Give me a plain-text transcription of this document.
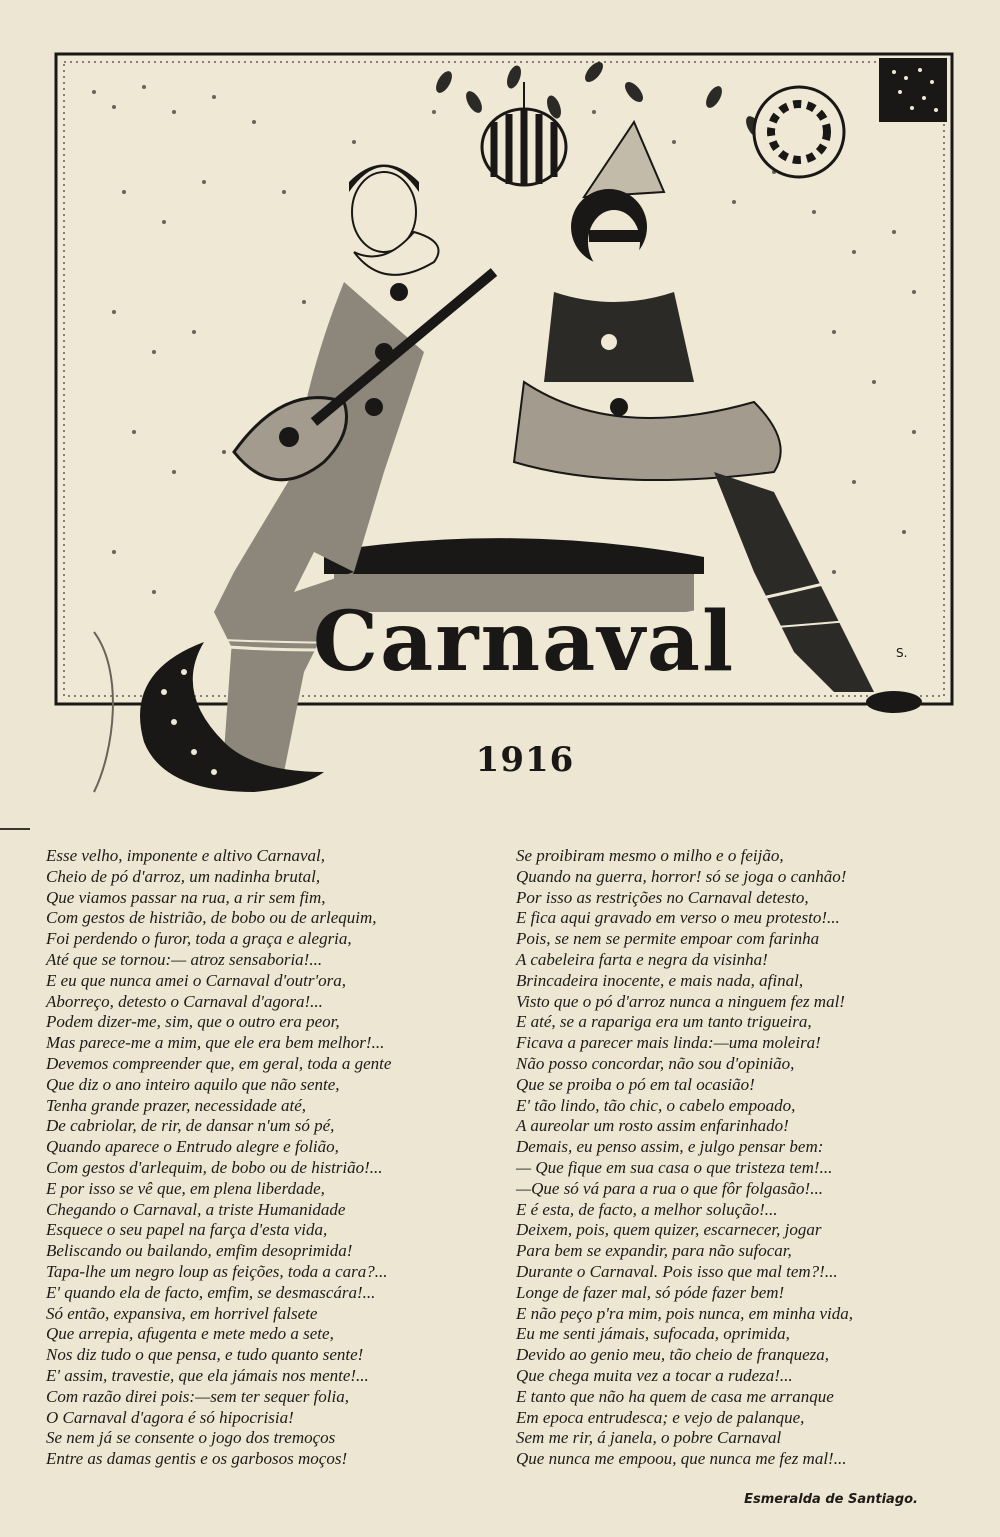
Carnaval	S.
1916
Esse velho, imponente e altivo Carnaval,
Cheio de pó d'arroz, um nadinha brutal,
Que viamos passar na rua, a rir sem fim,
Com gestos de histrião, de bobo ou de arlequim,
Foi perdendo o furor, toda a graça e alegria,
Até que se tornou:— atroz sensaboria!...
E eu que nunca amei o Carnaval d'outr'ora,
Aborreço, detesto o Carnaval d'agora!...
Podem dizer-me, sim, que o outro era peor,
Mas parece-me a mim, que ele era bem melhor!...
Devemos compreender que, em geral, toda a gente
Que diz o ano inteiro aquilo que não sente,
Tenha grande prazer, necessidade até,
De cabriolar, de rir, de dansar n'um só pé,
Quando aparece o Entrudo alegre e folião,
Com gestos d'arlequim, de bobo ou de histrião!...
E por isso se vê que, em plena liberdade,
Chegando o Carnaval, a triste Humanidade
Esquece o seu papel na farça d'esta vida,
Beliscando ou bailando, emfim desoprimida!
Tapa-lhe um negro loup as feições, toda a cara?...
E' quando ela de facto, emfim, se desmascára!...
Só então, expansiva, em horrivel falsete
Que arrepia, afugenta e mete medo a sete,
Nos diz tudo o que pensa, e tudo quanto sente!
E' assim, travestie, que ela jámais nos mente!...
Com razão direi pois:—sem ter sequer folia,
O Carnaval d'agora é só hipocrisia!
Se nem já se consente o jogo dos tremoços
Entre as damas gentis e os garbosos moços!
Se proibiram mesmo o milho e o feijão,
Quando na guerra, horror! só se joga o canhão!
Por isso as restrições no Carnaval detesto,
E fica aqui gravado em verso o meu protesto!...
Pois, se nem se permite empoar com farinha
A cabeleira farta e negra da visinha!
Brincadeira inocente, e mais nada, afinal,
Visto que o pó d'arroz nunca a ninguem fez mal!
E até, se a rapariga era um tanto trigueira,
Ficava a parecer mais linda:—uma moleira!
Não posso concordar, não sou d'opinião,
Que se proiba o pó em tal ocasião!
E' tão lindo, tão chic, o cabelo empoado,
A aureolar um rosto assim enfarinhado!
Demais, eu penso assim, e julgo pensar bem:
— Que fique em sua casa o que tristeza tem!...
—Que só vá para a rua o que fôr folgasão!...
E é esta, de facto, a melhor solução!...
Deixem, pois, quem quizer, escarnecer, jogar
Para bem se expandir, para não sufocar,
Durante o Carnaval. Pois isso que mal tem?!...
Longe de fazer mal, só póde fazer bem!
E não peço p'ra mim, pois nunca, em minha vida,
Eu me senti jámais, sufocada, oprimida,
Devido ao genio meu, tão cheio de franqueza,
Que chega muita vez a tocar a rudeza!...
E tanto que não ha quem de casa me arranque
Em epoca entrudesca; e vejo de palanque,
Sem me rir, á janela, o pobre Carnaval
Que nunca me empoou, que nunca me fez mal!...
Esmeralda de Santiago.
